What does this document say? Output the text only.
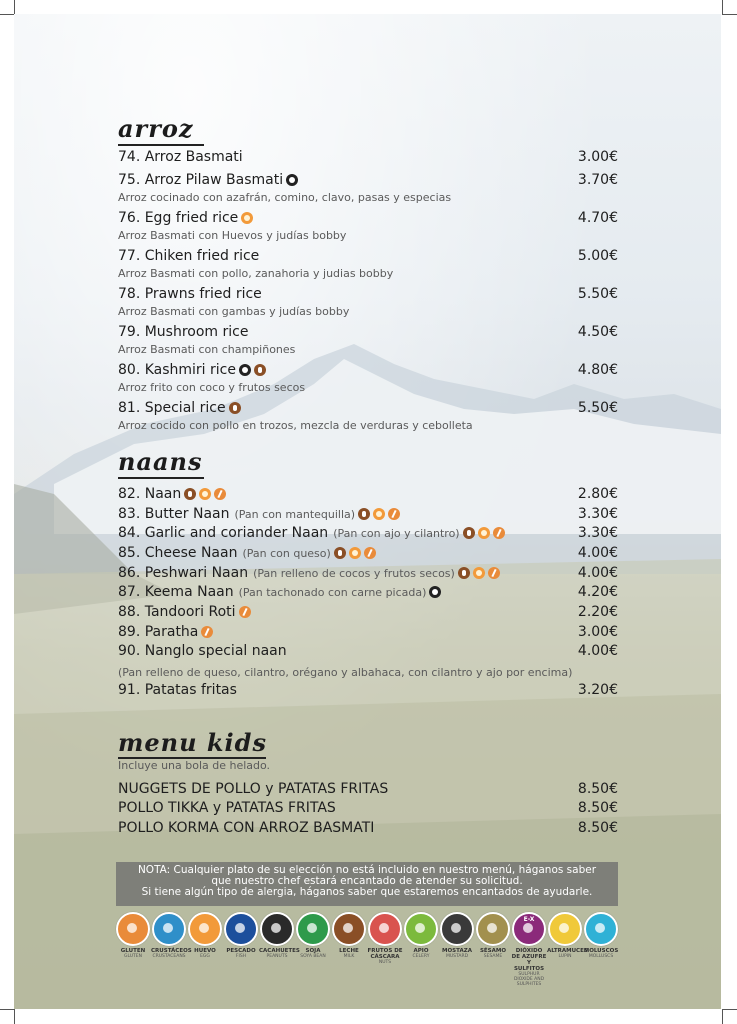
arroz
74. Arroz Basmati	3.00€
75. Arroz Pilaw Basmati	3.70€
Arroz cocinado con azafrán, comino, clavo, pasas y especias
76. Egg fried rice	4.70€
Arroz Basmati con Huevos y judías bobby
77. Chiken fried rice	5.00€
Arroz Basmati con pollo, zanahoria y judias bobby
78. Prawns fried rice	5.50€
Arroz Basmati con gambas y judías bobby
79. Mushroom rice	4.50€
Arroz Basmati con champiñones
80. Kashmiri rice	4.80€
Arroz frito con coco y frutos secos
81. Special rice	5.50€
Arroz cocido con pollo en trozos, mezcla de verduras y cebolleta
naans
82. Naan	2.80€
83. Butter Naan (Pan con mantequilla)	3.30€
84. Garlic and coriander Naan (Pan con ajo y cilantro)	3.30€
85. Cheese Naan (Pan con queso)	4.00€
86. Peshwari Naan (Pan relleno de cocos y frutos secos)	4.00€
87. Keema Naan (Pan tachonado con carne picada)	4.20€
88. Tandoori Roti	2.20€
89. Paratha	3.00€
90. Nanglo special naan	4.00€
(Pan relleno de queso, cilantro, orégano y albahaca, con cilantro y ajo por encima)
91. Patatas fritas	3.20€
menu kids
Incluye una bola de helado.
NUGGETS DE POLLO y PATATAS FRITAS	8.50€
POLLO TIKKA y PATATAS FRITAS	8.50€
POLLO KORMA CON ARROZ BASMATI	8.50€
NOTA: Cualquier plato de su elección no está incluido en nuestro menú, háganos saber
que nuestro chef estará encantado de atender su solicitud.
Si tiene algún tipo de alergia, háganos saber que estaremos encantados de ayudarle.
GLUTEN
GLUTEN
CRUSTÁCEOS
CRUSTACEANS
HUEVO
EGG
PESCADO
FISH
CACAHUETES
PEANUTS
SOJA
SOYA BEAN
LECHE
MILK
FRUTOS DE CÁSCARA
NUTS
APIO
CELERY
MOSTAZA
MUSTARD
SÉSAMO
SESAME
E-X
DIÓXIDO DE AZUFRE Y SULFITOS
SULPHUR DIOXIDE AND SULPHITES
ALTRAMUCES
LUPIN
MOLUSCOS
MOLLUSCS
